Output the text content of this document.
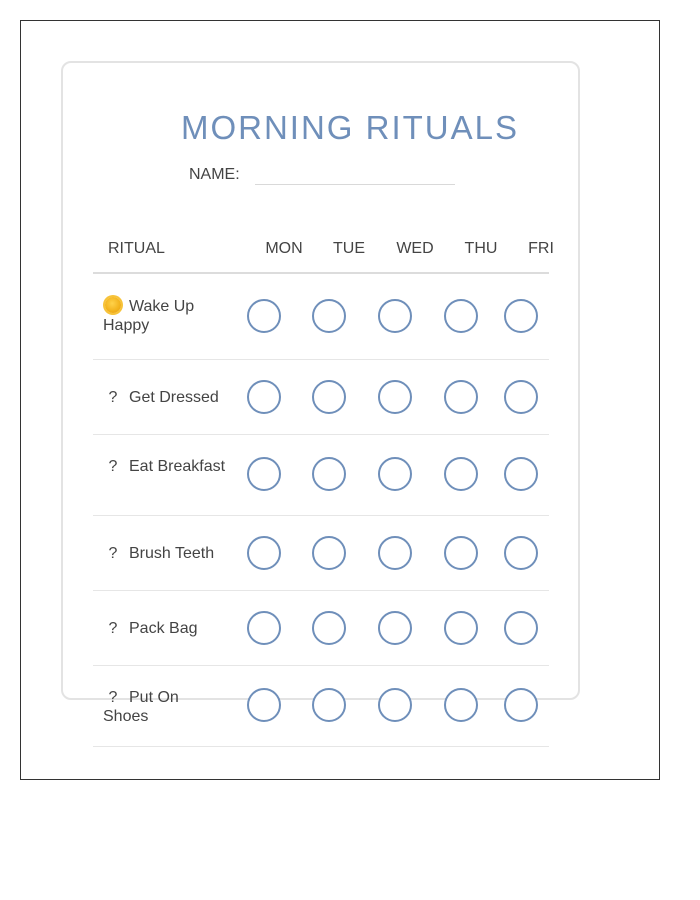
MORNING RITUALS
NAME:
RITUAL	MON TUE WED THU	FRI
Wake Up Happy
? Get Dressed
? Eat Breakfast
? Brush Teeth
? Pack Bag
? Put On Shoes
